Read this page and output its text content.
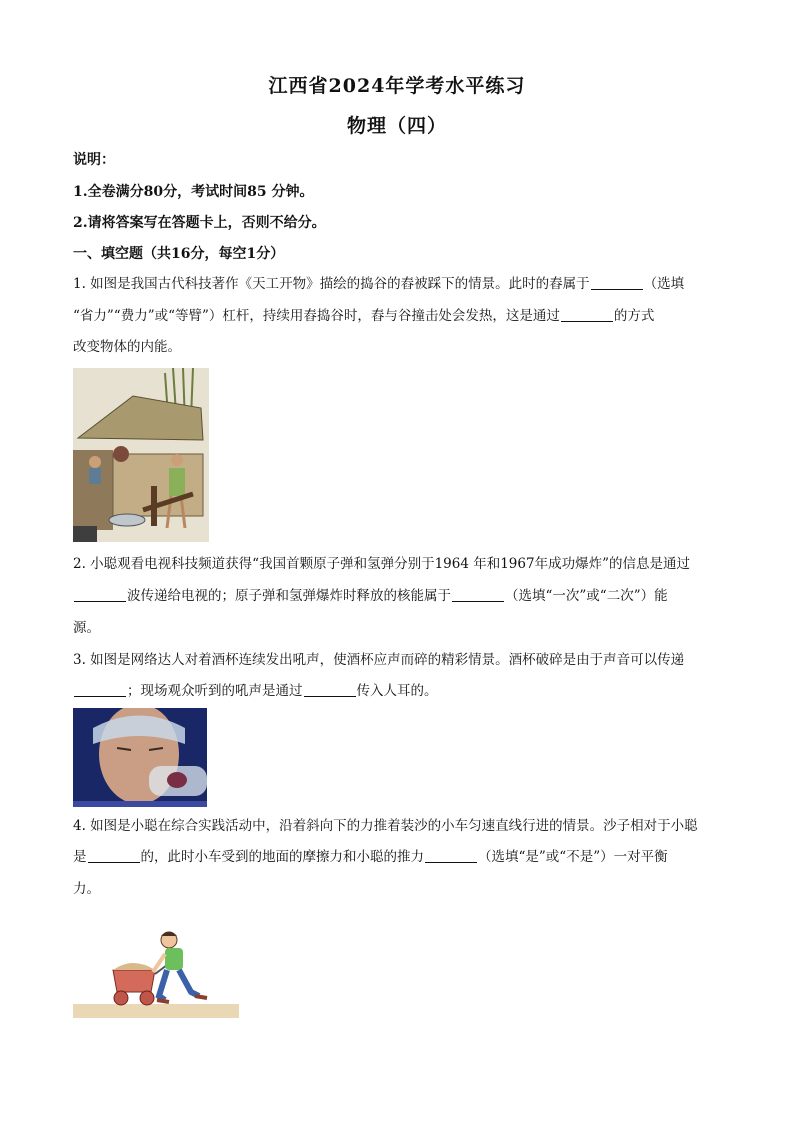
江西省2024年学考水平练习
物理（四）
说明：
1.全卷满分80分，考试时间85 分钟。
2.请将答案写在答题卡上，否则不给分。
一、填空题（共16分，每空1分）
1. 如图是我国古代科技著作《天工开物》描绘的捣谷的舂被踩下的情景。此时的舂属于	（选填
“省力”“费力”或“等臂”）杠杆，持续用舂捣谷时，舂与谷撞击处会发热，这是通过	的方式
改变物体的内能。
2. 小聪观看电视科技频道获得“我国首颗原子弹和氢弹分别于1964 年和1967年成功爆炸”的信息是通过
波传递给电视的；原子弹和氢弹爆炸时释放的核能属于	（选填“一次”或“二次”）能
源。
3. 如图是网络达人对着酒杯连续发出吼声，使酒杯应声而碎的精彩情景。酒杯破碎是由于声音可以传递
；现场观众听到的吼声是通过	传入人耳的。
4. 如图是小聪在综合实践活动中，沿着斜向下的力推着装沙的小车匀速直线行进的情景。沙子相对于小聪
是	的，此时小车受到的地面的摩擦力和小聪的推力	（选填“是”或“不是”）一对平衡
力。
